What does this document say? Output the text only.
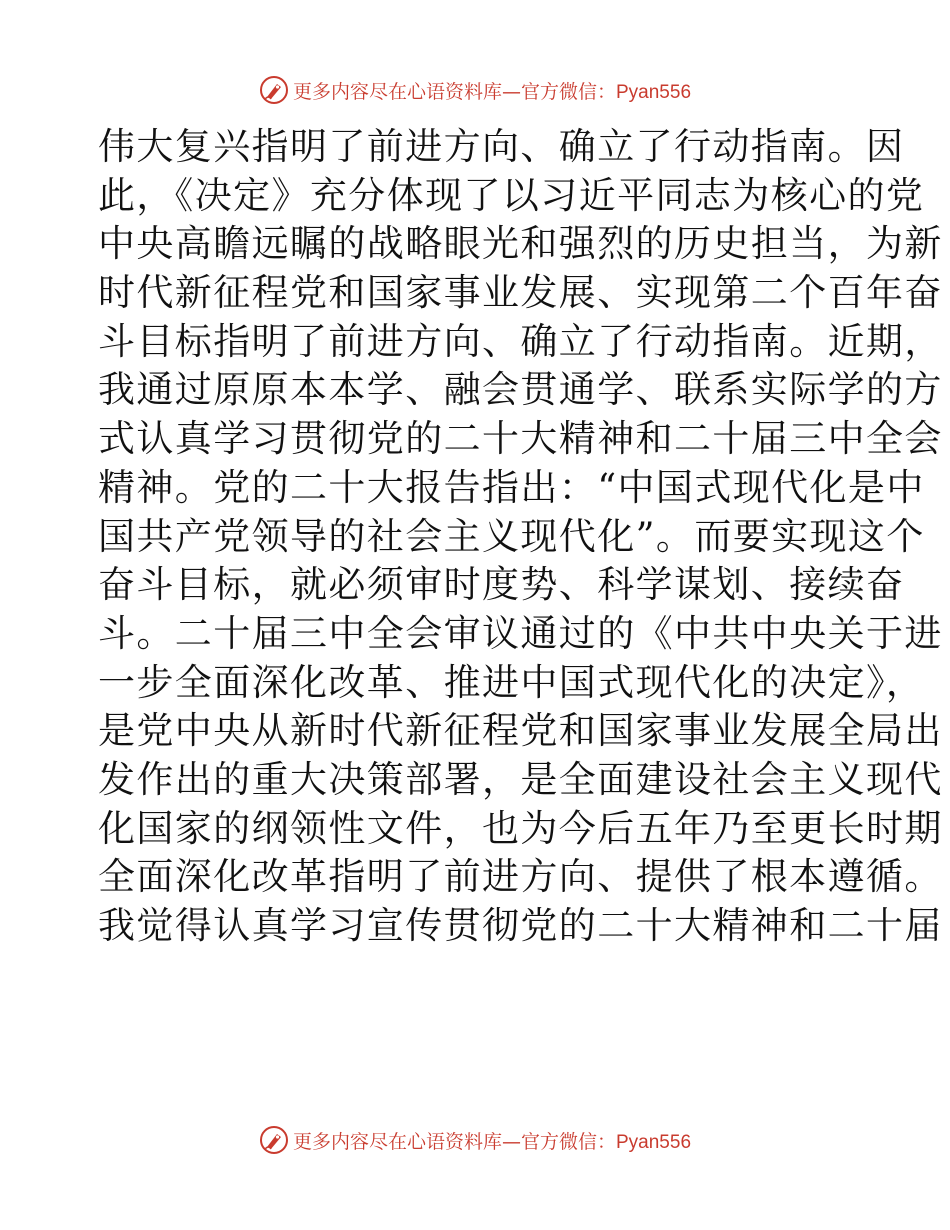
更多内容尽在心语资料库—官方微信：Pyan556
伟大复兴指明了前进方向、确立了行动指南。因
此，《决定》充分体现了以习近平同志为核心的党
中央高瞻远瞩的战略眼光和强烈的历史担当，为新
时代新征程党和国家事业发展、实现第二个百年奋
斗目标指明了前进方向、确立了行动指南。近期，
我通过原原本本学、融会贯通学、联系实际学的方
式认真学习贯彻党的二十大精神和二十届三中全会
精神。党的二十大报告指出：“中国式现代化是中
国共产党领导的社会主义现代化”。而要实现这个
奋斗目标，就必须审时度势、科学谋划、接续奋
斗。二十届三中全会审议通过的《中共中央关于进
一步全面深化改革、推进中国式现代化的决定》，
是党中央从新时代新征程党和国家事业发展全局出
发作出的重大决策部署，是全面建设社会主义现代
化国家的纲领性文件，也为今后五年乃至更长时期
全面深化改革指明了前进方向、提供了根本遵循。
我觉得认真学习宣传贯彻党的二十大精神和二十届
更多内容尽在心语资料库—官方微信：Pyan556
